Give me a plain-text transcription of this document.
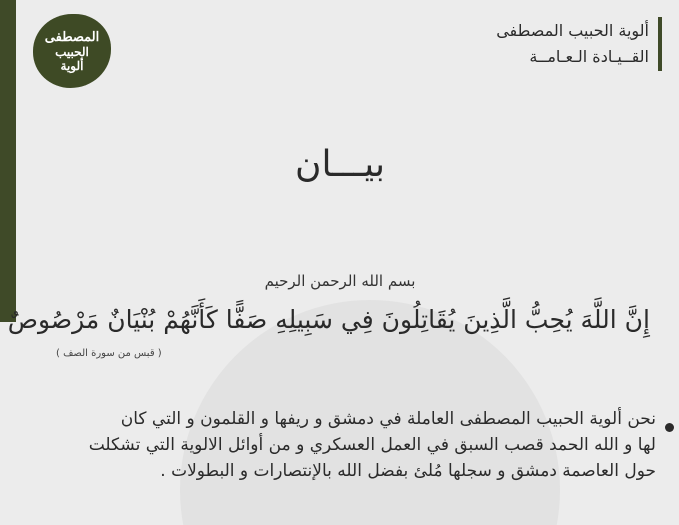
المصطفى
الحبيب
ألوية
ألوية الحبيب المصطفى
القــيـادة الـعـامــة
بيـــان
بسم الله الرحمن الرحيم
إِنَّ اللَّهَ يُحِبُّ الَّذِينَ يُقَاتِلُونَ فِي سَبِيلِهِ صَفًّا كَأَنَّهُمْ بُنْيَانٌ مَرْصُوصٌ
( قبس من سورة الصف )
نحن ألوية الحبيب المصطفى العاملة في دمشق و ريفها و القلمون و التي كان
لها و الله الحمد قصب السبق في العمل العسكري و من أوائل الالوية التي تشكلت
حول العاصمة دمشق و سجلها مُلئ بفضل الله بالإنتصارات و البطولات .
